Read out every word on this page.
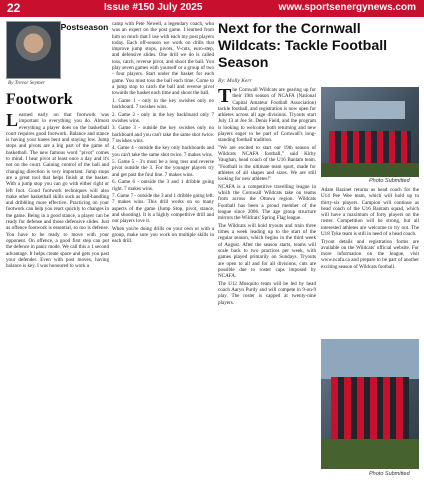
22	Issue #150 July 2025	www.sportsenergynews.com
Postseason
By Trevor Seymer
Footwork

Learned early on that footwork was important in everything you do. Almost everything a player does on the basketball court requires good footwork. Balance and stance is having your knees bent and staying low. Jump stops and pivots are a big part of the game of basketball. The new famous word "pivot" comes to mind. I hear pivot at least once a day and it's not on the court. Gaining control of the ball and changing direction is very important. Jump stops are a great tool that helps finish at the basket. With a jump stop you can go with either right or left foot. Good footwork techniques will also make other basketball skills such as ball-handling and dribbling more effective. Practicing on your footwork can help you react quickly to changes in the game. Being in a good stance, a player can be ready for defense and those defensive slides. Just as offence footwork is essential, so too is defense. You have to be ready to move with your opponent. On offence, a good first step can put the defence in panic mode. We call this a 1 second advantage. It helps create space and gets you past your defender. Even with post moves, having balance is key. I was honoured to work a

camp with Pete Newell, a legendary coach, who was an expert on the post game. I learned from him so much that I use with each my post players today. Each off-season we work on drills that improve jump stops, pivots, V-cuts, euro-step, and defensive slides. One drill we do is called toss, catch, reverse pivot, and shoot the ball. You play seven games with yourself or a group of two - four players. Start under the basket for each game. You must toss the ball each time. Come to a jump stop to catch the ball and reverse pivot towards the basket each time and shoot the ball.

1. Game 1 - only in the key swishes only no backboard. 7 swishes wins.

2. Game 2 - only in the key backboard only 7 swishes wins.

3. Game 3 - outside the key swishes only no backboard and you can't take the same shot twice. 7 swishes wins.

4. Game 4 - outside the key only backboards and you can't take the same shot twice. 7 makes wins.

5. Game 5 - 3's must be a long toss and reverse pivot outside the 3. For the younger players try and get past the foul line. 7 makes wins.

6. Game 6 - outside the 3 and 1 dribble going right. 7 makes wins.

7. Game 7 - outside the 3 and 1 dribble going left. 7 makes wins. This drill works on so many aspects of the game (Jump Stop, pivot, stance, and shooting). It is a highly competitive drill and our players love it.

When you're doing drills on your own or with a group, make sure you work on multiple skills in each drill.

Next for the Cornwall Wildcats: Tackle Football Season
By: Molly Kerr

The Cornwall Wildcats are gearing up for their 19th season of NCAFA (National Capital Amateur Football Association) tackle football, and registration is now open for athletes across all age divisions. Tryouts start July 13 at Joe St. Denis Field, and the program is looking to welcome both returning and new players eager to be part of Cornwall's long-standing football tradition.

"We are excited to start our 19th season of Wildcats NCAFA football," said Kirby Vaughan, head coach of the U16 Bantam team. "Football is the ultimate team sport, made for athletes of all shapes and sizes. We are still looking for new athletes!"

NCAFA is a competitive travelling league in which the Cornwall Wildcats take on teams from across the Ottawa region. Wildcats Football has been a proud member of the league since 2006. The age group structure mirrors the Wildcats' Spring Flag league.

The Wildcats will hold tryouts and train three times a week leading up to the start of the regular season, which begins in the third week of August. After the season starts, teams will scale back to two practices per week, with games played primarily on Sundays. Tryouts are open to all and for all divisions, cuts are possible due to roster caps imposed by NCAFA.

The U12 Mosquito team will be led by head coach Aaryn Purdy and will compete in 9-on-9 play. The roster is capped at twenty-nine players.

Photo Submitted

Adam Bazinet returns as head coach for the U14 Pee Wee team, which will hold up to thirty-six players. Campion will continue as head coach of the U16 Bantam squad, which will have a maximum of forty players on the roster. Competition will be strong, but all interested athletes are welcome to try out. The U18 Tyke team is still in need of a head coach.

Tryout details and registration forms are available on the Wildcats' official website. For more information on the league, visit www.ncafa.ca and prepare to be part of another exciting season of Wildcats football.

Photo Submitted
